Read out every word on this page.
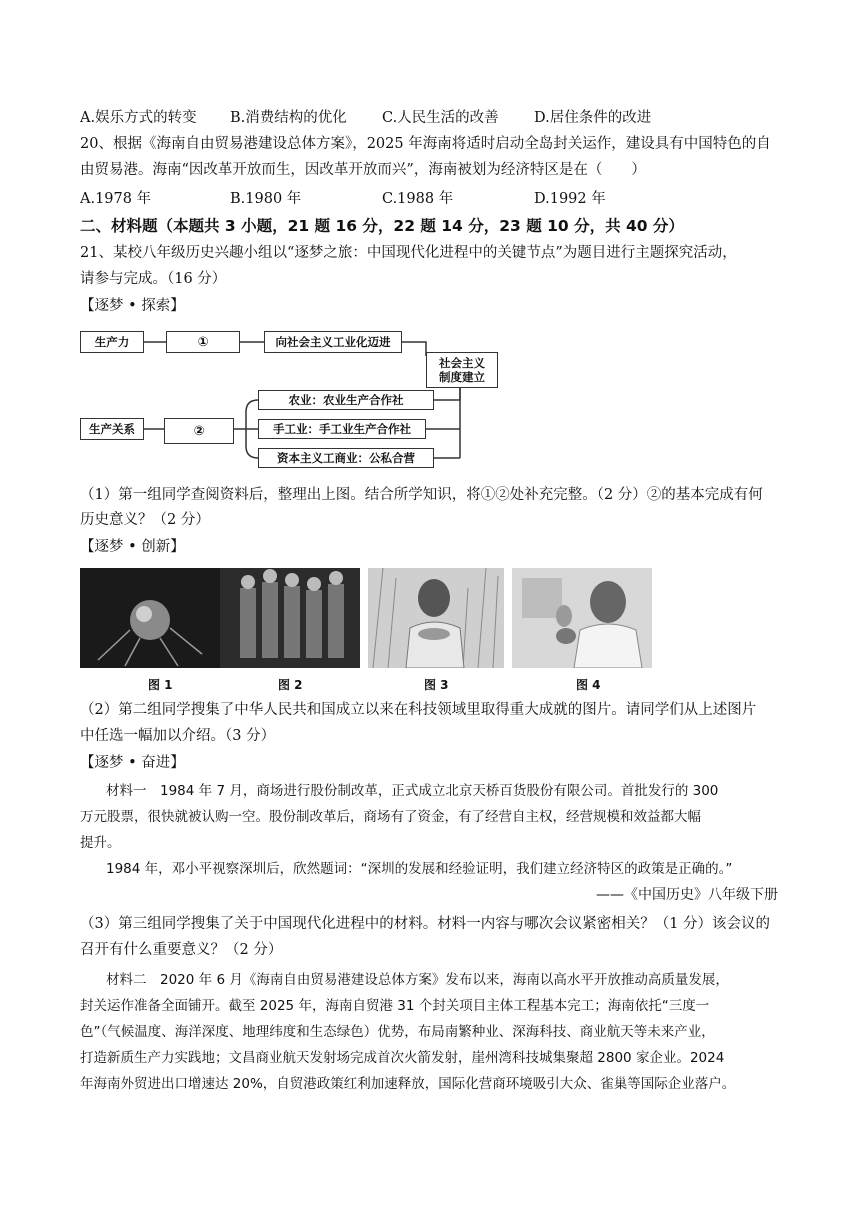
A.娱乐方式的转变 B.消费结构的优化 C.人民生活的改善 D.居住条件的改进
20、根据《海南自由贸易港建设总体方案》，2025 年海南将适时启动全岛封关运作，建设具有中国特色的自
由贸易港。海南“因改革开放而生，因改革开放而兴”，海南被划为经济特区是在（　　）
A.1978 年	B.1980 年	C.1988 年	D.1992 年
二、材料题（本题共 3 小题，21 题 16 分，22 题 14 分，23 题 10 分，共 40 分）
21、某校八年级历史兴趣小组以“逐梦之旅：中国现代化进程中的关键节点”为题目进行主题探究活动，
请参与完成。（16 分）
【逐梦 • 探索】
生产力	①	向社会主义工业化迈进
社会主义
制度建立
生产关系	②
农业：农业生产合作社
手工业：手工业生产合作社
资本主义工商业：公私合营
（1）第一组同学查阅资料后，整理出上图。结合所学知识，将①②处补充完整。（2 分）②的基本完成有何
历史意义？（2 分）
【逐梦 • 创新】
图 1	图 2	图 3	图 4
（2）第二组同学搜集了中华人民共和国成立以来在科技领域里取得重大成就的图片。请同学们从上述图片
中任选一幅加以介绍。（3 分）
【逐梦 • 奋进】
材料一　1984 年 7 月，商场进行股份制改革，正式成立北京天桥百货股份有限公司。首批发行的 300
万元股票，很快就被认购一空。股份制改革后，商场有了资金，有了经营自主权，经营规模和效益都大幅
提升。
1984 年，邓小平视察深圳后，欣然题词：“深圳的发展和经验证明，我们建立经济特区的政策是正确的。”
——《中国历史》八年级下册
（3）第三组同学搜集了关于中国现代化进程中的材料。材料一内容与哪次会议紧密相关？（1 分）该会议的
召开有什么重要意义？（2 分）
材料二　2020 年 6 月《海南自由贸易港建设总体方案》发布以来，海南以高水平开放推动高质量发展，
封关运作准备全面铺开。截至 2025 年，海南自贸港 31 个封关项目主体工程基本完工；海南依托“三度一
色”（气候温度、海洋深度、地理纬度和生态绿色）优势，布局南繁种业、深海科技、商业航天等未来产业，
打造新质生产力实践地；文昌商业航天发射场完成首次火箭发射，崖州湾科技城集聚超 2800 家企业。2024
年海南外贸进出口增速达 20%，自贸港政策红利加速释放，国际化营商环境吸引大众、雀巢等国际企业落户。
